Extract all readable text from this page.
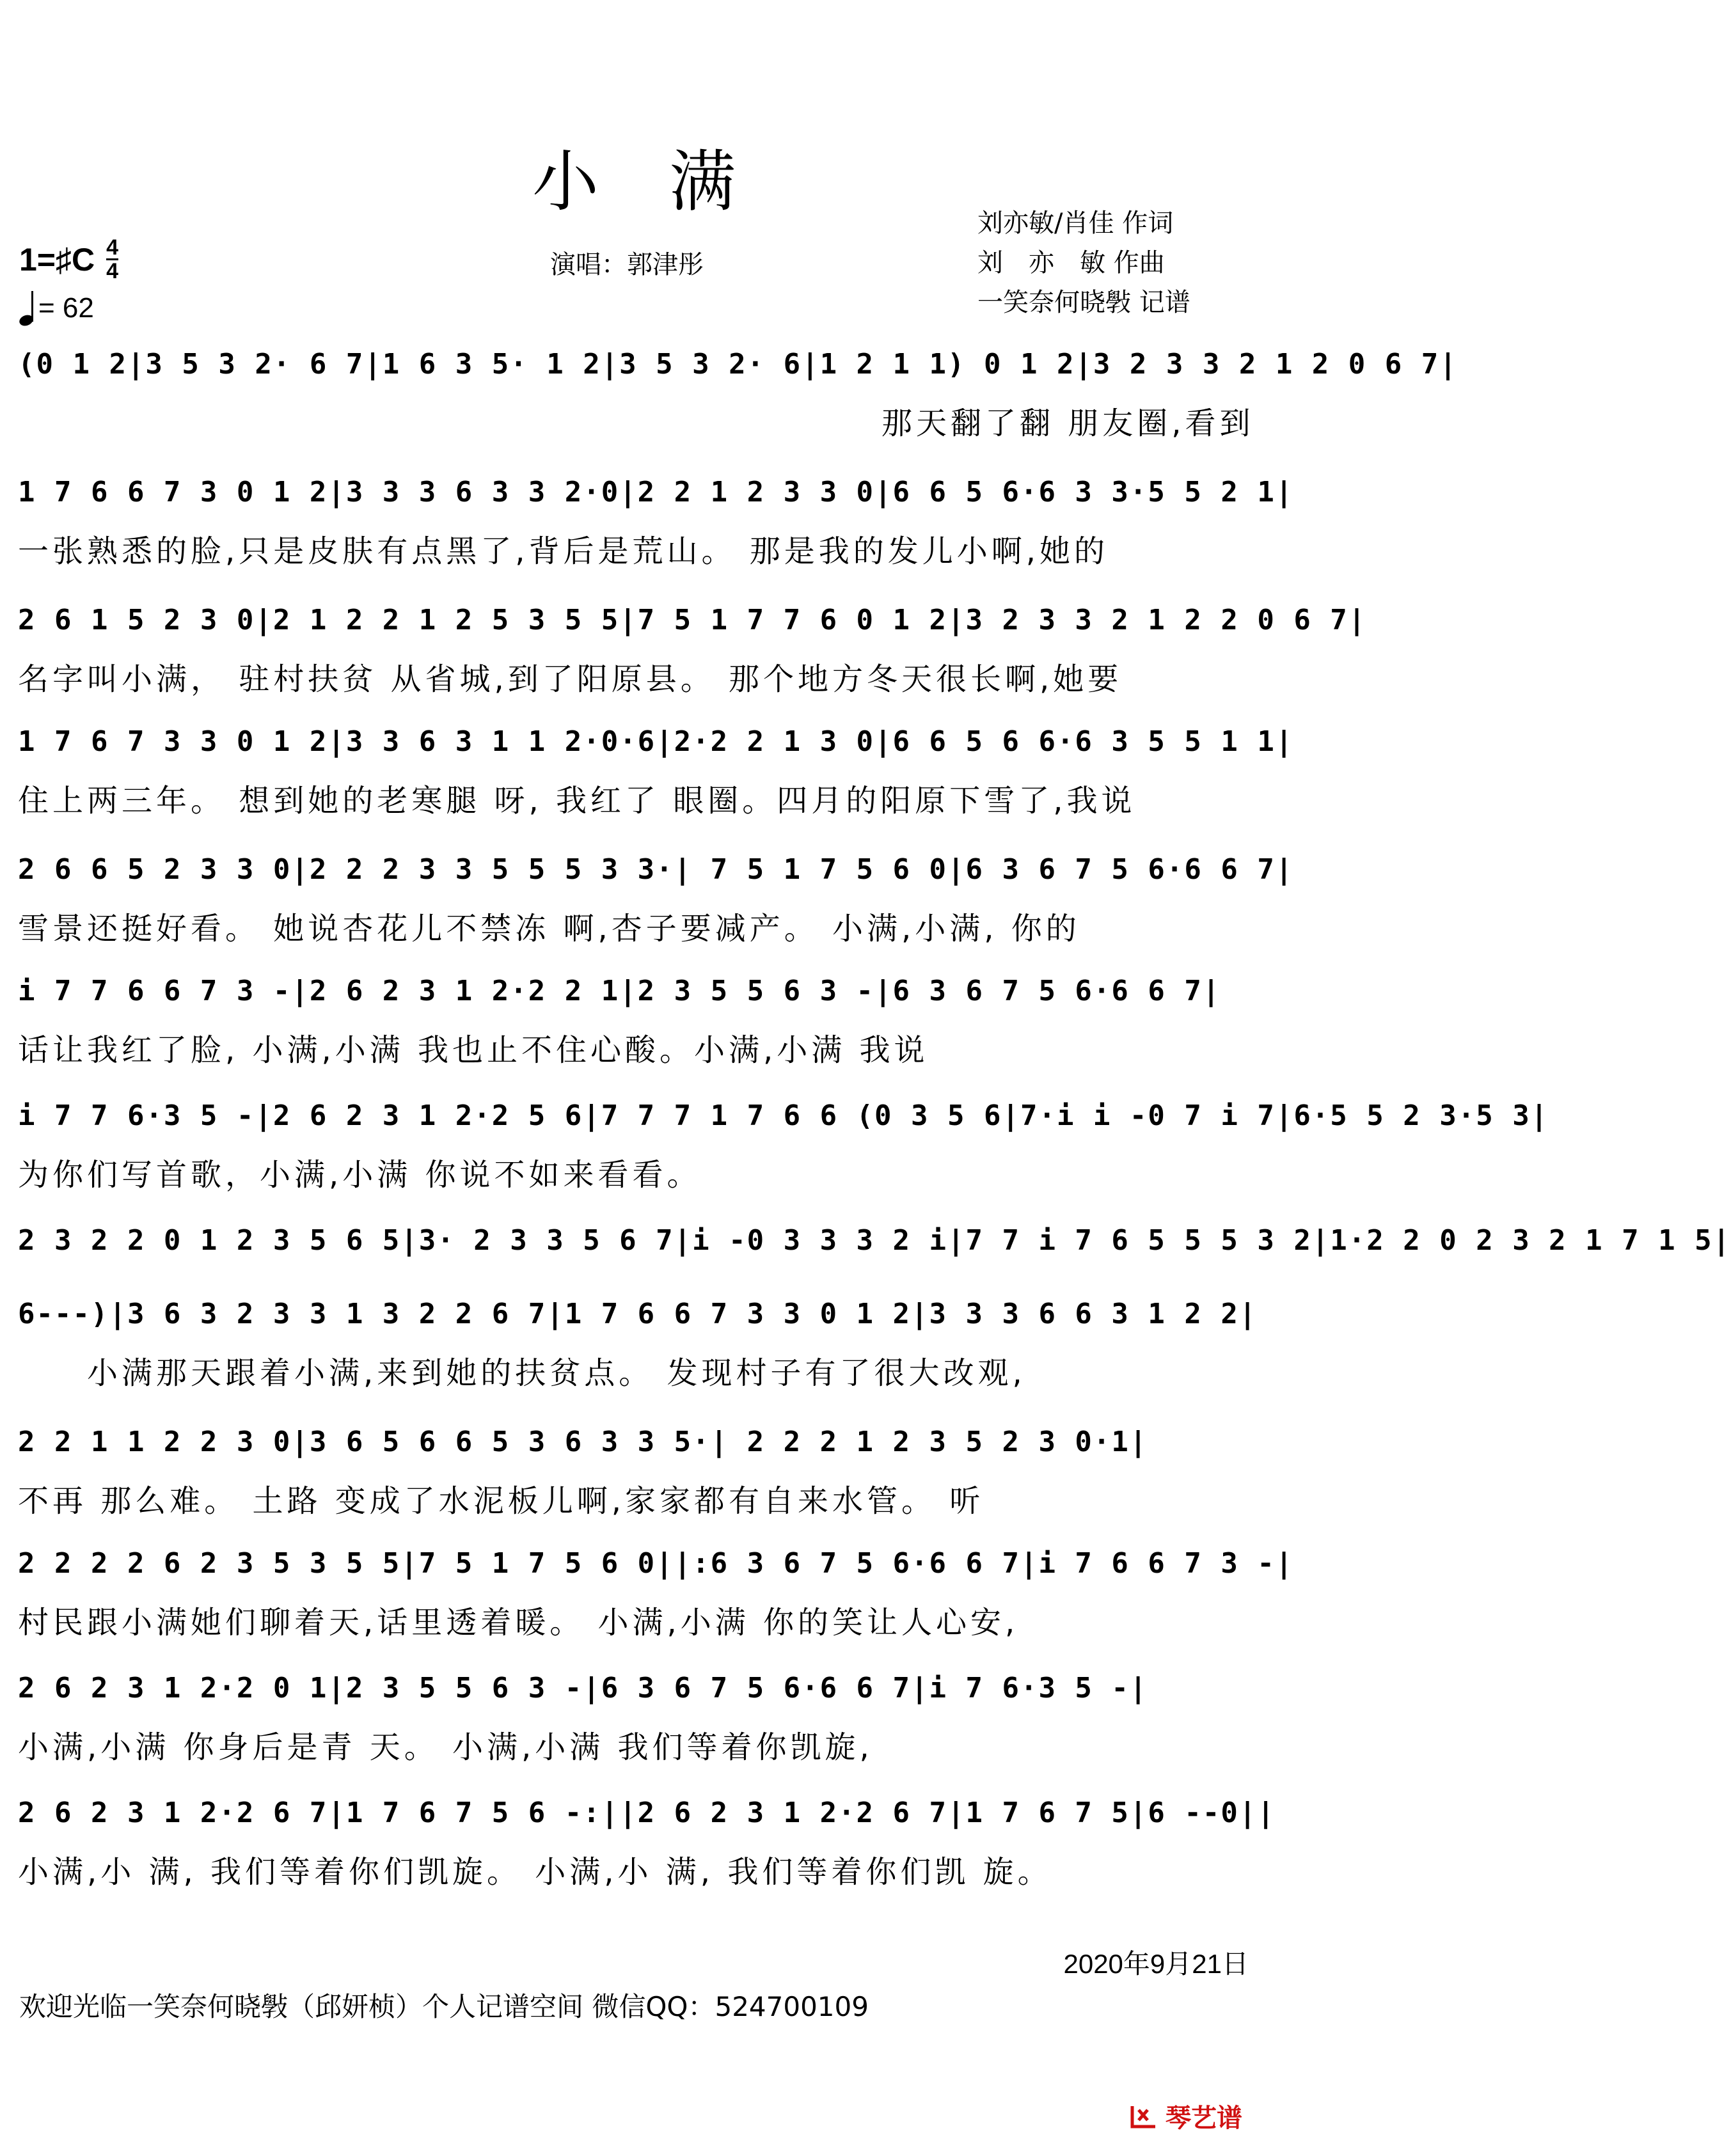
小满
1=♯C $\frac{4}{4}$
= 62
演唱：郭津彤
刘亦敏/肖佳 作词
刘　亦　敏 作曲
一笑奈何晓斅 记谱
(0 1 2|3 5 3 2· 6 7|1 6 3 5· 1 2|3 5 3 2· 6|1 2 1 1) 0 1 2|3 2 3 3 2 1 2 0 6 7|
　　　　　　　　　　　　　　　　　　　　　　　　　那天翻了翻 朋友圈,看到
1 7 6 6 7 3 0 1 2|3 3 3 6 3 3 2·0|2 2 1 2 3 3 0|6 6 5 6·6 3 3·5 5 2 1|
一张熟悉的脸,只是皮肤有点黑了,背后是荒山。 那是我的发儿小啊,她的
2 6 1 5 2 3 0|2 1 2 2 1 2 5 3 5 5|7 5 1 7 7 6 0 1 2|3 2 3 3 2 1 2 2 0 6 7|
名字叫小满， 驻村扶贫 从省城,到了阳原县。 那个地方冬天很长啊,她要
1 7 6 7 3 3 0 1 2|3 3 6 3 1 1 2·0·6|2·2 2 1 3 0|6 6 5 6 6·6 3 5 5 1 1|
住上两三年。 想到她的老寒腿 呀, 我红了 眼圈。四月的阳原下雪了,我说
2 6 6 5 2 3 3 0|2 2 2 3 3 5 5 5 3 3·| 7 5 1 7 5 6 0|6 3 6 7 5 6·6 6 7|
雪景还挺好看。 她说杏花儿不禁冻 啊,杏子要减产。 小满,小满, 你的
i 7 7 6 6 7 3 -|2 6 2 3 1 2·2 2 1|2 3 5 5 6 3 -|6 3 6 7 5 6·6 6 7|
话让我红了脸, 小满,小满 我也止不住心酸。小满,小满 我说
i 7 7 6·3 5 -|2 6 2 3 1 2·2 5 6|7 7 7 1 7 6 6 (0 3 5 6|7·i i -0 7 i 7|6·5 5 2 3·5 3|
为你们写首歌，小满,小满 你说不如来看看。
2 3 2 2 0 1 2 3 5 6 5|3· 2 3 3 5 6 7|i -0 3 3 3 2 i|7 7 i 7 6 5 5 5 3 2|1·2 2 0 2 3 2 1 7 1 5|
6---)|3 6 3 2 3 3 1 3 2 2 6 7|1 7 6 6 7 3 3 0 1 2|3 3 3 6 6 3 1 2 2|
　　小满那天跟着小满,来到她的扶贫点。 发现村子有了很大改观,
2 2 1 1 2 2 3 0|3 6 5 6 6 5 3 6 3 3 5·| 2 2 2 1 2 3 5 2 3 0·1|
不再 那么难。 土路 变成了水泥板儿啊,家家都有自来水管。 听
2 2 2 2 6 2 3 5 3 5 5|7 5 1 7 5 6 0||:6 3 6 7 5 6·6 6 7|i 7 6 6 7 3 -|
村民跟小满她们聊着天,话里透着暖。 小满,小满 你的笑让人心安,
2 6 2 3 1 2·2 0 1|2 3 5 5 6 3 -|6 3 6 7 5 6·6 6 7|i 7 6·3 5 -|
小满,小满 你身后是青 天。 小满,小满 我们等着你凯旋,
2 6 2 3 1 2·2 6 7|1 7 6 7 5 6 -:||2 6 2 3 1 2·2 6 7|1 7 6 7 5|6 --0||
小满,小 满, 我们等着你们凯旋。 小满,小 满, 我们等着你们凯 旋。
2020年9月21日
欢迎光临一笑奈何晓斅（邱妍桢）个人记谱空间 微信QQ：524700109
琴艺谱
